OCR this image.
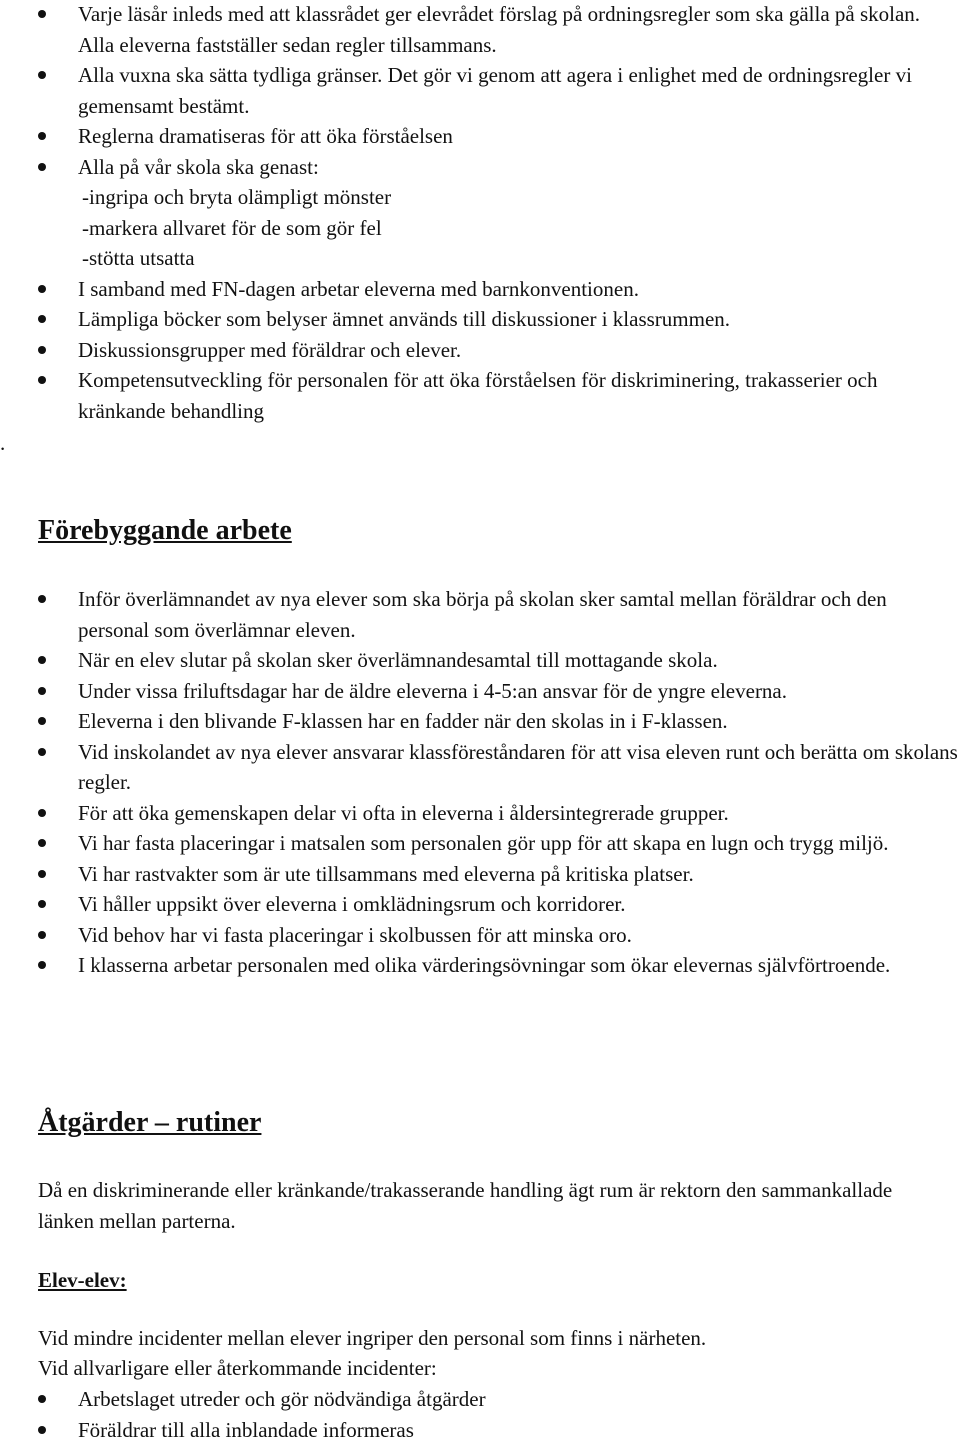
Varje läsår inleds med att klassrådet ger elevrådet förslag på ordningsregler som ska gälla på skolan. Alla eleverna fastställer sedan regler tillsammans.
Alla vuxna ska sätta tydliga gränser. Det gör vi genom att agera i enlighet med de ordningsregler vi gemensamt bestämt.
Reglerna dramatiseras för att öka förståelsen
Alla på vår skola ska genast:
-ingripa och bryta olämpligt mönster
-markera allvaret för de som gör fel
-stötta utsatta
I samband med FN-dagen arbetar eleverna med barnkonventionen.
Lämpliga böcker som belyser ämnet används till diskussioner i klassrummen.
Diskussionsgrupper med föräldrar och elever.
Kompetensutveckling för personalen för att öka förståelsen för diskriminering, trakasserier och kränkande behandling
.
Förebyggande arbete
Inför överlämnandet av nya elever som ska börja på skolan sker samtal mellan föräldrar och den personal som överlämnar eleven.
När en elev slutar på skolan sker överlämnandesamtal till mottagande skola.
Under vissa friluftsdagar har de äldre eleverna i 4-5:an ansvar för de yngre eleverna.
Eleverna i den blivande F-klassen har en fadder när den skolas in i F-klassen.
Vid inskolandet av nya elever ansvarar klassföreståndaren för att visa eleven runt och berätta om skolans regler.
För att öka gemenskapen delar vi ofta in eleverna i åldersintegrerade grupper.
Vi har fasta placeringar i matsalen som personalen gör upp för att skapa en lugn och trygg miljö.
Vi har rastvakter som är ute tillsammans med eleverna på kritiska platser.
Vi håller uppsikt över eleverna i omklädningsrum och korridorer.
Vid behov har vi fasta placeringar i skolbussen för att minska oro.
I klasserna arbetar personalen med olika värderingsövningar som ökar elevernas självförtroende.
Åtgärder – rutiner

Då en diskriminerande eller kränkande/trakasserande handling ägt rum är rektorn den sammankallade länken mellan parterna.

Elev-elev:

Vid mindre incidenter mellan elever ingriper den personal som finns i närheten.

Vid allvarligare eller återkommande incidenter:

Arbetslaget utreder och gör nödvändiga åtgärder
Föräldrar till alla inblandade informeras
